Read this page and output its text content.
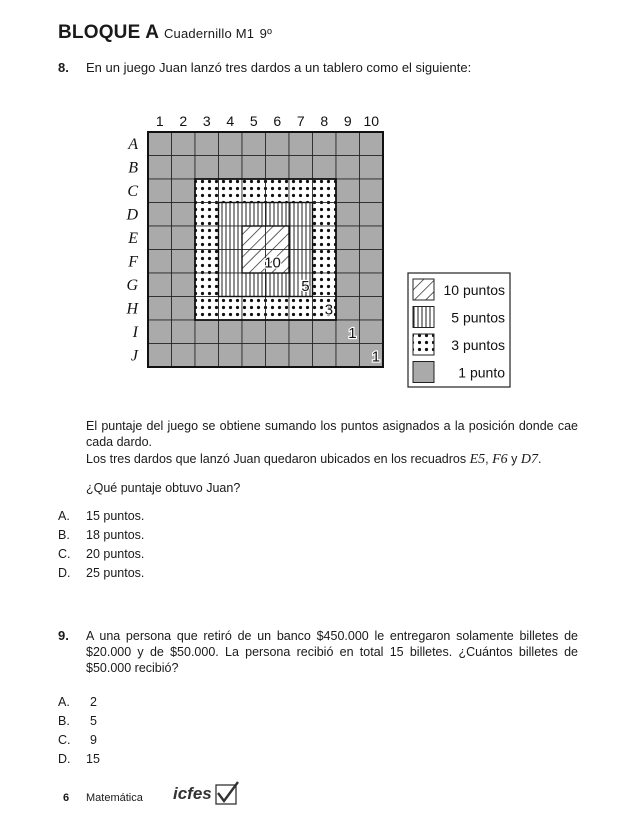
BLOQUE A Cuadernillo M1 9º
8. En un juego Juan lanzó tres dardos a un tablero como el siguiente:
1 2 3 4 5 6 7 8 9 10
A
B
C
D
E
F
G
H
I
J
10
5
3
1
1
10 puntos
5 puntos
3 puntos
1 punto
El puntaje del juego se obtiene sumando los puntos asignados a la posición donde cae cada dardo.
Los tres dardos que lanzó Juan quedaron ubicados en los recuadros E5, F6 y D7.
¿Qué puntaje obtuvo Juan?
A. 15 puntos.
B. 18 puntos.
C. 20 puntos.
D. 25 puntos.
9. A una persona que retiró de un banco $450.000 le entregaron solamente billetes de $20.000 y de $50.000. La persona recibió en total 15 billetes. ¿Cuántos billetes de $50.000 recibió?
A. 2
B. 5
C. 9
D. 15
6 Matemática icfes
